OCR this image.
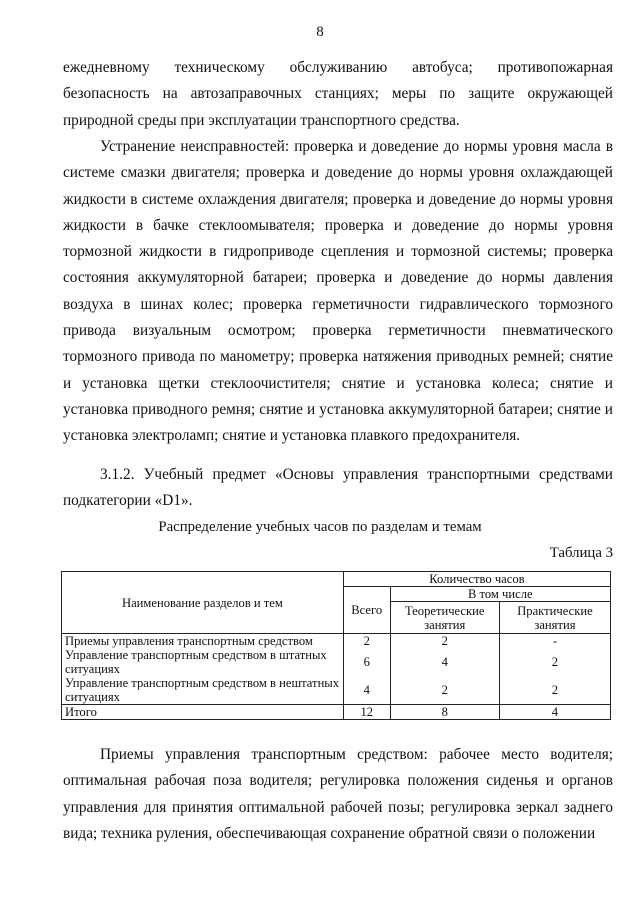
8

ежедневному техническому обслуживанию автобуса; противопожарная безопасность на автозаправочных станциях; меры по защите окружающей природной среды при эксплуатации транспортного средства.

Устранение неисправностей: проверка и доведение до нормы уровня масла в системе смазки двигателя; проверка и доведение до нормы уровня охлаждающей жидкости в системе охлаждения двигателя; проверка и доведение до нормы уровня жидкости в бачке стеклоомывателя; проверка и доведение до нормы уровня тормозной жидкости в гидроприводе сцепления и тормозной системы; проверка состояния аккумуляторной батареи; проверка и доведение до нормы давления воздуха в шинах колес; проверка герметичности гидравлического тормозного привода визуальным осмотром; проверка герметичности пневматического тормозного привода по манометру; проверка натяжения приводных ремней; снятие и установка щетки стеклоочистителя; снятие и установка колеса; снятие и установка приводного ремня; снятие и установка аккумуляторной батареи; снятие и установка электроламп; снятие и установка плавкого предохранителя.

3.1.2. Учебный предмет «Основы управления транспортными средствами подкатегории «D1».

Распределение учебных часов по разделам и темам
Таблица 3
Наименование разделов и тем	Количество часов		
	Всего	В том числе	
		Теоретические занятия	Практические занятия
Приемы управления транспортным средством	2	2	-
Управление транспортным средством в штатных ситуациях	6	4	2
Управление транспортным средством в нештатных ситуациях	4	2	2
Итого	12	8	4

Приемы управления транспортным средством: рабочее место водителя; оптимальная рабочая поза водителя; регулировка положения сиденья и органов управления для принятия оптимальной рабочей позы; регулировка зеркал заднего вида; техника руления, обеспечивающая сохранение обратной связи о положении
